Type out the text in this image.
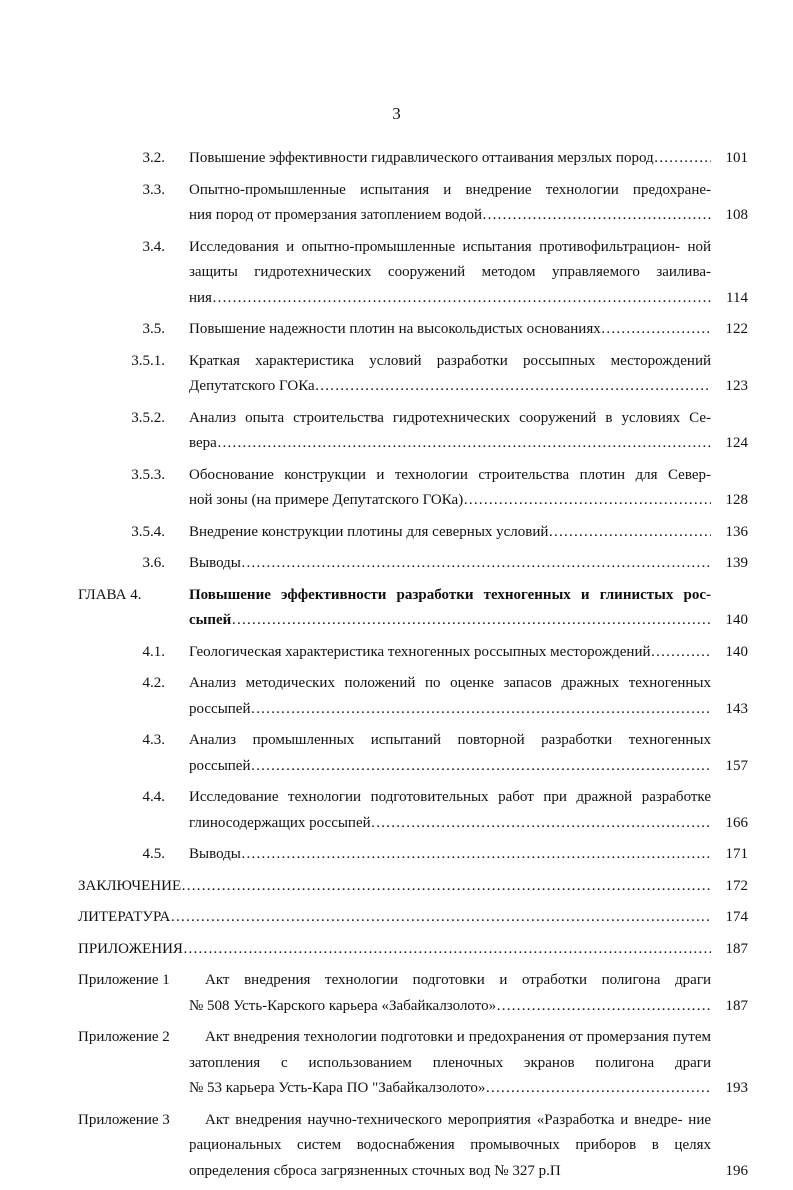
3
3.2. Повышение эффективности гидравлического оттаивания мерзлых пород ……………………………………………………………………………………………………………………………………………………………………………………	101
3.3. Опытно-промышленные испытания и внедрение технологии предохране-
ния пород от промерзания затоплением водой ……………………………………………………………………………………………………………………………………………………………………………………	108
3.4. Исследования и опытно-промышленные испытания противофильтрацион- ной защиты гидротехнических сооружений методом управляемого заилива-
ния ……………………………………………………………………………………………………………………………………………………………………………………	114
3.5. Повышение надежности плотин на высокольдистых основаниях ……………………………………………………………………………………………………………………………………………………………………………………	122
3.5.1. Краткая характеристика условий разработки россыпных месторождений
Депутатского ГОКа ……………………………………………………………………………………………………………………………………………………………………………………	123
3.5.2. Анализ опыта строительства гидротехнических сооружений в условиях Се-
вера ……………………………………………………………………………………………………………………………………………………………………………………	124
3.5.3. Обоснование конструкции и технологии строительства плотин для Север-
ной зоны (на примере Депутатского ГОКа) ……………………………………………………………………………………………………………………………………………………………………………………	128
3.5.4. Внедрение конструкции плотины для северных условий ……………………………………………………………………………………………………………………………………………………………………………………	136
3.6. Выводы ……………………………………………………………………………………………………………………………………………………………………………………	139
ГЛАВА 4.	Повышение эффективности разработки техногенных и глинистых рос-
сыпей ……………………………………………………………………………………………………………………………………………………………………………………	140
4.1. Геологическая характеристика техногенных россыпных месторождений ……………………………………………………………………………………………………………………………………………………………………………………	140
4.2. Анализ методических положений по оценке запасов дражных техногенных
россыпей ……………………………………………………………………………………………………………………………………………………………………………………	143
4.3. Анализ промышленных испытаний повторной разработки техногенных
россыпей ……………………………………………………………………………………………………………………………………………………………………………………	157
4.4. Исследование технологии подготовительных работ при дражной разработке
глиносодержащих россыпей ……………………………………………………………………………………………………………………………………………………………………………………	166
4.5. Выводы ……………………………………………………………………………………………………………………………………………………………………………………	171
ЗАКЛЮЧЕНИЕ ……………………………………………………………………………………………………………………………………………………………………………………	172
ЛИТЕРАТУРА ……………………………………………………………………………………………………………………………………………………………………………………	174
ПРИЛОЖЕНИЯ ……………………………………………………………………………………………………………………………………………………………………………………	187
Приложение 1	Акт внедрения технологии подготовки и отработки полигона драги
№ 508 Усть-Карского карьера «Забайкалзолото» ……………………………………………………………………………………………………………………………………………………………………………………	187
Приложение 2	Акт внедрения технологии подготовки и предохранения от промерзания путем затопления с использованием пленочных экранов полигона драги
№ 53 карьера Усть-Кара ПО "Забайкалзолото» ……………………………………………………………………………………………………………………………………………………………………………………	193
Приложение 3	Акт внедрения научно-технического мероприятия «Разработка и внедре- ние рациональных систем водоснабжения промывочных приборов в целях
определения сброса загрязненных сточных вод № 327 р.П	196
